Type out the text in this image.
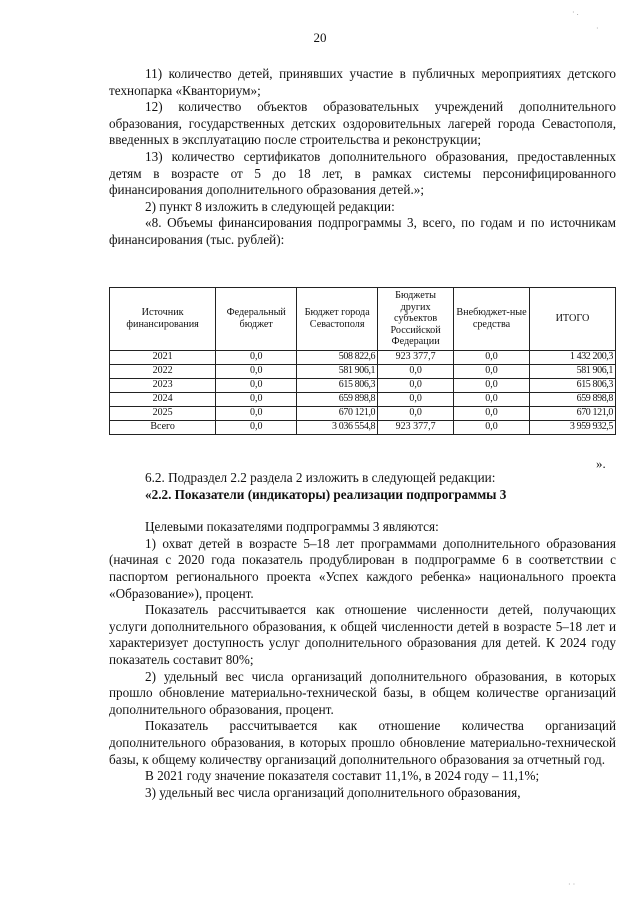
20

11) количество детей, принявших участие в публичных мероприятиях детского технопарка «Кванториум»;

12) количество объектов образовательных учреждений дополнительного образования, государственных детских оздоровительных лагерей города Севастополя, введенных в эксплуатацию после строительства и реконструкции;

13) количество сертификатов дополнительного образования, предоставленных детям в возрасте от 5 до 18 лет, в рамках системы персонифицированного финансирования дополнительного образования детей.»;

2) пункт 8 изложить в следующей редакции:

«8. Объемы финансирования подпрограммы 3, всего, по годам и по источникам финансирования (тыс. рублей):

Источник финансирования	Федеральный бюджет	Бюджет города Севастополя	Бюджеты других субъектов Российской Федерации	Внебюджет-ные средства	ИТОГО
2021	0,0	508 822,6	923 377,7	0,0	1 432 200,3
2022	0,0	581 906,1	0,0	0,0	581 906,1
2023	0,0	615 806,3	0,0	0,0	615 806,3
2024	0,0	659 898,8	0,0	0,0	659 898,8
2025	0,0	670 121,0	0,0	0,0	670 121,0
Всего	0,0	3 036 554,8	923 377,7	0,0	3 959 932,5
».

6.2. Подраздел 2.2 раздела 2 изложить в следующей редакции:

«2.2. Показатели (индикаторы) реализации подпрограммы 3

Целевыми показателями подпрограммы 3 являются:

1) охват детей в возрасте 5–18 лет программами дополнительного образования (начиная с 2020 года показатель продублирован в подпрограмме 6 в соответствии с паспортом регионального проекта «Успех каждого ребенка» национального проекта «Образование»), процент.

Показатель рассчитывается как отношение численности детей, получающих услуги дополнительного образования, к общей численности детей в возрасте 5–18 лет и характеризует доступность услуг дополнительного образования для детей. К 2024 году показатель составит 80%;

2) удельный вес числа организаций дополнительного образования, в которых прошло обновление материально-технической базы, в общем количестве организаций дополнительного образования, процент.

Показатель рассчитывается как отношение количества организаций дополнительного образования, в которых прошло обновление материально-технической базы, к общему количеству организаций дополнительного образования за отчетный год.

В 2021 году значение показателя составит 11,1%, в 2024 году – 11,1%;

3) удельный вес числа организаций дополнительного образования,

· .
·
· ·
